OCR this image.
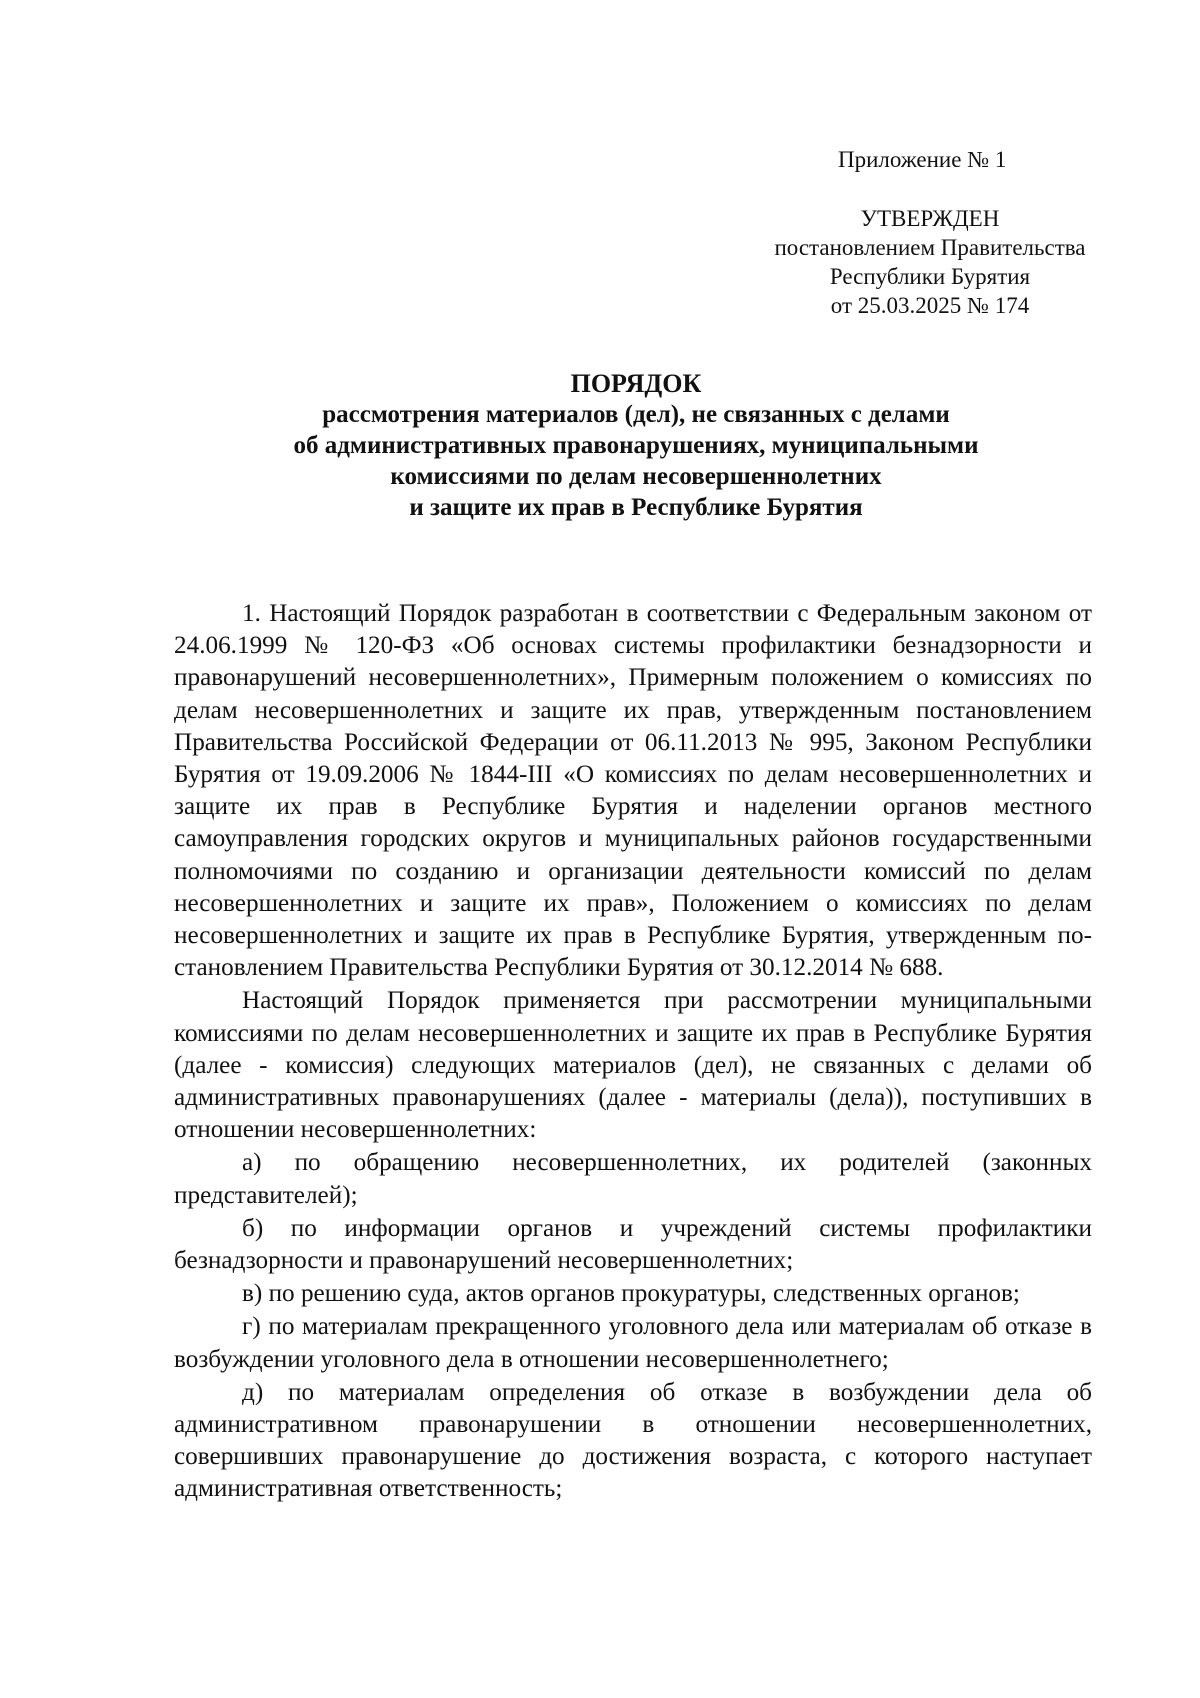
Приложение № 1
УТВЕРЖДЕН
постановлением Правительства
Республики Бурятия
от 25.03.2025 № 174
ПОРЯДОК
рассмотрения материалов (дел), не связанных с делами
об административных правонарушениях, муниципальными
комиссиями по делам несовершеннолетних
и защите их прав в Республике Бурятия

1. Настоящий Порядок разработан в соответствии с Федеральным законом от 24.06.1999 № 120-ФЗ «Об основах системы профилактики безнадзорности и правонарушений несовершеннолетних», Примерным положением о комиссиях по делам несовершеннолетних и защите их прав, утвержденным постановлением Правительства Российской Федерации от 06.11.2013 № 995, Законом Республики Бурятия от 19.09.2006 № 1844-III «О комиссиях по делам несовершеннолетних и защите их прав в Республике Бурятия и наделении органов местного самоуправления городских округов и муниципальных районов государственными полномочиями по созданию и организации деятельности комиссий по делам несовершеннолетних и защите их прав», Положением о комиссиях по делам несовершеннолетних и защите их прав в Республике Бурятия, утвержденным постановлением Правительства Республики Бурятия от 30.12.2014 № 688.

Настоящий Порядок применяется при рассмотрении муниципальными комиссиями по делам несовершеннолетних и защите их прав в Республике Бурятия (далее - комиссия) следующих материалов (дел), не связанных с делами об административных правонарушениях (далее - материалы (дела)), поступивших в отношении несовершеннолетних:

а) по обращению несовершеннолетних, их родителей (законных представителей);

б) по информации органов и учреждений системы профилактики безнадзорности и правонарушений несовершеннолетних;

в) по решению суда, актов органов прокуратуры, следственных органов;

г) по материалам прекращенного уголовного дела или материалам об отказе в возбуждении уголовного дела в отношении несовершеннолетнего;

д) по материалам определения об отказе в возбуждении дела об административном правонарушении в отношении несовершеннолетних, совершивших правонарушение до достижения возраста, с которого наступает административная ответственность;
